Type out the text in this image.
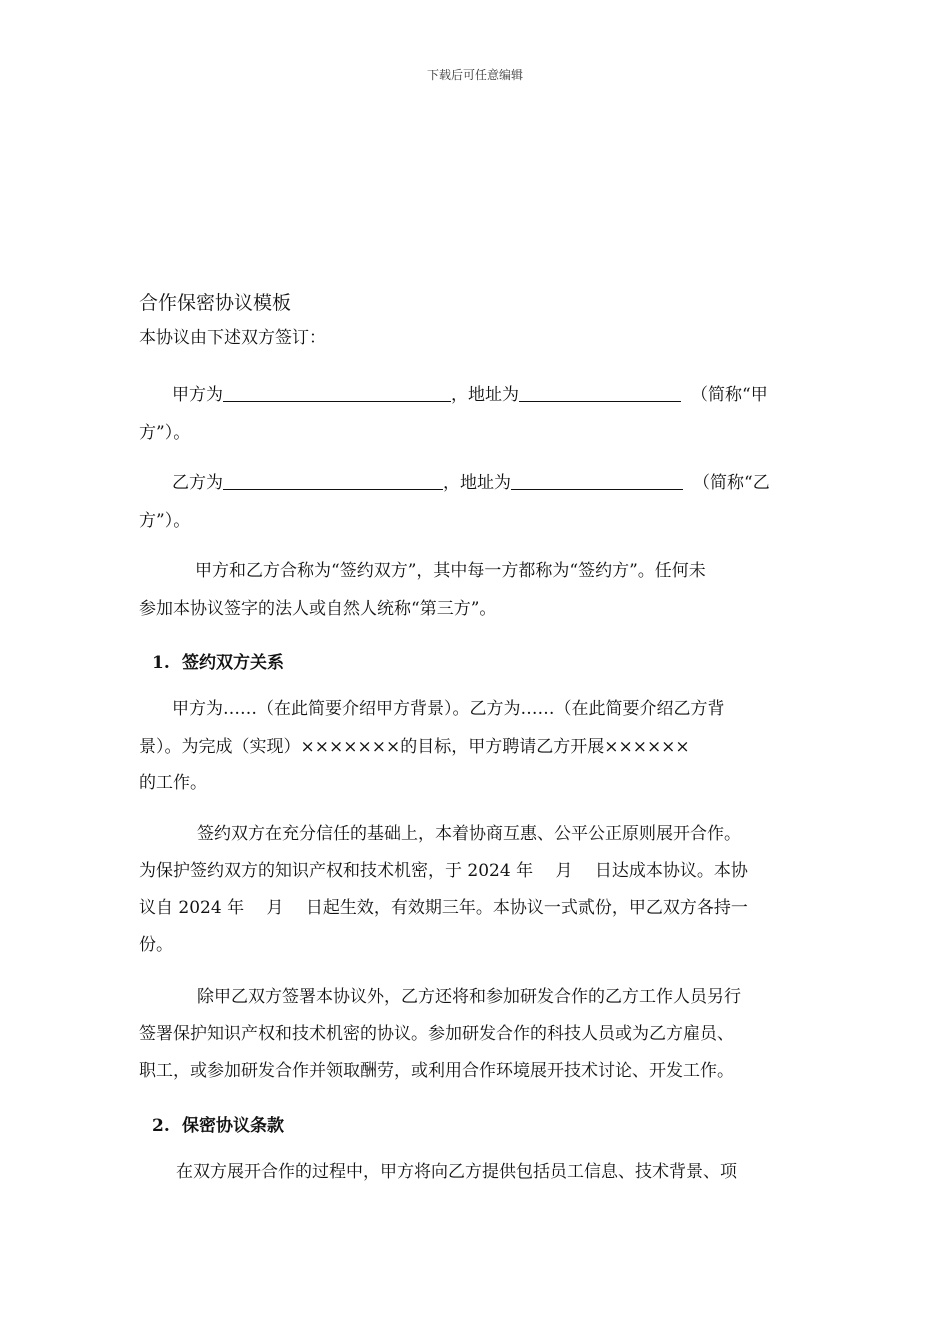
下载后可任意编辑
合作保密协议模板
本协议由下述双方签订：
甲方为	，地址为	（简称“甲
方”）。
乙方为	，地址为	（简称“乙
方”）。
甲方和乙方合称为“签约双方”，其中每一方都称为“签约方”。任何未
参加本协议签字的法人或自然人统称“第三方”。
1. 签约双方关系
甲方为……（在此简要介绍甲方背景）。乙方为……（在此简要介绍乙方背
景）。为完成（实现）×××××××的目标，甲方聘请乙方开展××××××
的工作。
签约双方在充分信任的基础上，本着协商互惠、公平公正原则展开合作。
为保护签约双方的知识产权和技术机密，于 2024 年　 月　 日达成本协议。本协
议自 2024 年　 月　 日起生效，有效期三年。本协议一式贰份，甲乙双方各持一
份。
除甲乙双方签署本协议外，乙方还将和参加研发合作的乙方工作人员另行
签署保护知识产权和技术机密的协议。参加研发合作的科技人员或为乙方雇员、
职工，或参加研发合作并领取酬劳，或利用合作环境展开技术讨论、开发工作。
2. 保密协议条款
在双方展开合作的过程中，甲方将向乙方提供包括员工信息、技术背景、项
